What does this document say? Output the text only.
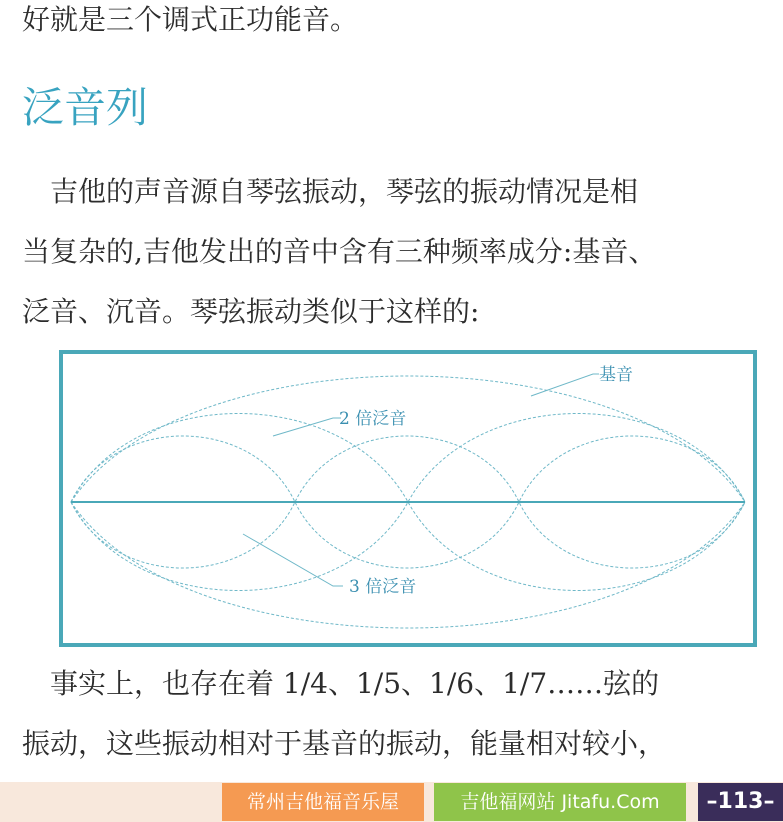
好就是三个调式正功能音。
泛音列
　吉他的声音源自琴弦振动，琴弦的振动情况是相
当复杂的,吉他发出的音中含有三种频率成分:基音、
泛音、沉音。琴弦振动类似于这样的:
基音
2 倍泛音
3 倍泛音
　事实上，也存在着 1/4、1/5、1/6、1/7……弦的
振动，这些振动相对于基音的振动，能量相对较小，
常州吉他福音乐屋	吉他福网站 Jitafu.Com	–113–
